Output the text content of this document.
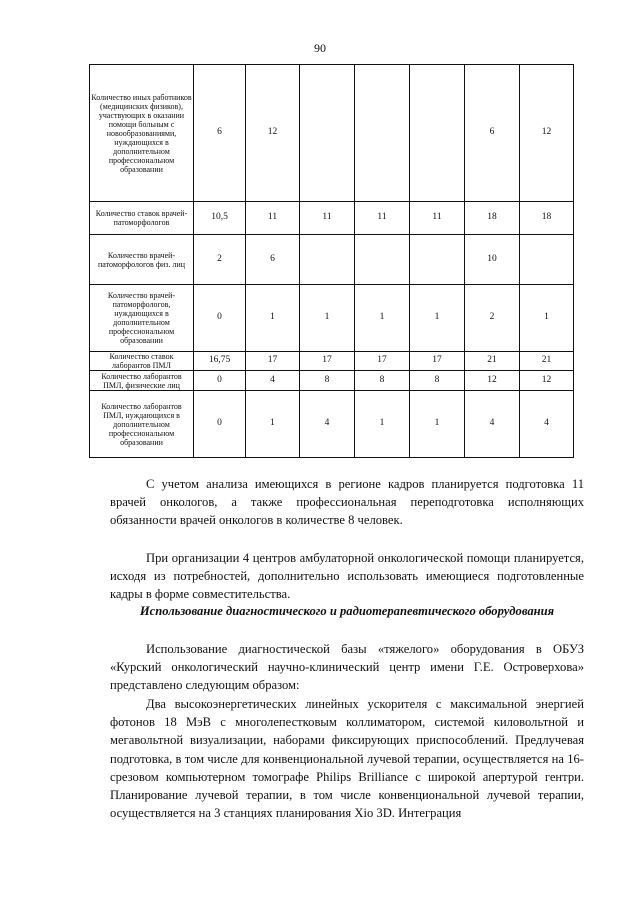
90
Количество иных работников (медицинских физиков), участвующих в оказании помощи больным с новообразованиями, нуждающихся в дополнительном профессиональном образовании	6	12				6	12
Количество ставок врачей-патоморфологов	10,5	11	11	11	11	18	18
Количество врачей-патоморфологов физ. лиц	2	6				10	
Количество врачей-патоморфологов, нуждающихся в дополнительном профессиональном образовании	0	1	1	1	1	2	1
Количество ставок лаборантов ПМЛ	16,75	17	17	17	17	21	21
Количество лаборантов ПМЛ, физические лиц	0	4	8	8	8	12	12
Количество лаборантов ПМЛ, нуждающихся в дополнительном профессиональном образовании	0	1	4	1	1	4	4

С учетом анализа имеющихся в регионе кадров планируется подготовка 11 врачей онкологов, а также профессиональная переподготовка исполняющих обязанности врачей онкологов в количестве 8 человек.

При организации 4 центров амбулаторной онкологической помощи планируется, исходя из потребностей, дополнительно использовать имеющиеся подготовленные кадры в форме совместительства.

Использование диагностического и радиотерапевтического оборудования

Использование диагностической базы «тяжелого» оборудования в ОБУЗ «Курский онкологический научно-клинический центр имени Г.Е. Островерхова» представлено следующим образом:

Два высокоэнергетических линейных ускорителя с максимальной энергией фотонов 18 МэВ с многолепестковым коллиматором, системой киловольтной и мегавольтной визуализации, наборами фиксирующих приспособлений. Предлучевая подготовка, в том числе для конвенциональной лучевой терапии, осуществляется на 16-срезовом компьютерном томографе Philips Brilliance с широкой апертурой гентри. Планирование лучевой терапии, в том числе конвенциональной лучевой терапии, осуществляется на 3 станциях планирования Xio 3D. Интеграция
